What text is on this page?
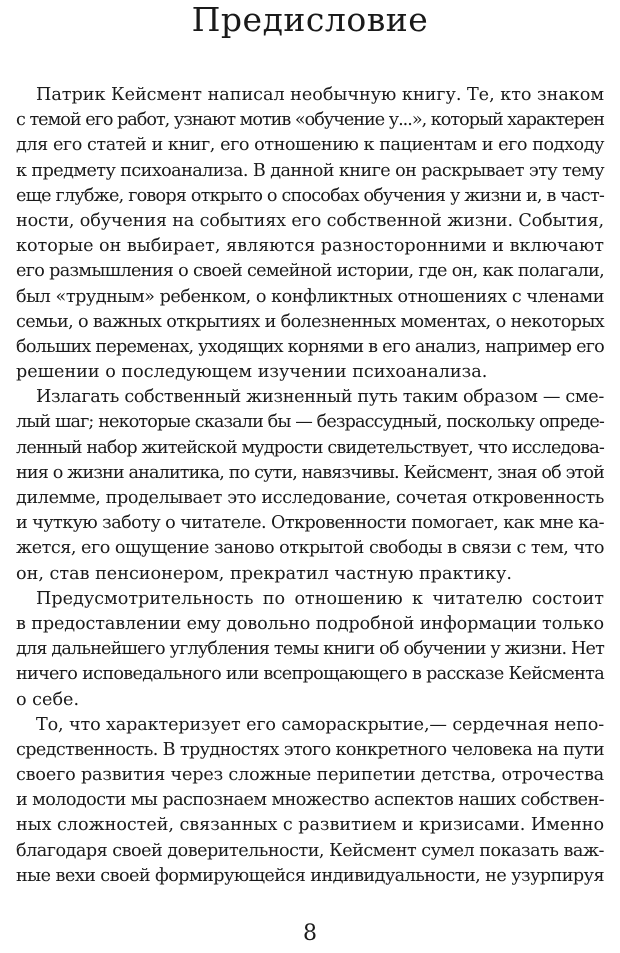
Предисловие
Патрик Кейсмент написал необычную книгу. Те, кто знаком
с темой его работ, узнают мотив «обучение у...», который характерен
для его статей и книг, его отношению к пациентам и его подходу
к предмету психоанализа. В данной книге он раскрывает эту тему
еще глубже, говоря открыто о способах обучения у жизни и, в част-
ности, обучения на событиях его собственной жизни. События,
которые он выбирает, являются разносторонними и включают
его размышления о своей семейной истории, где он, как полагали,
был «трудным» ребенком, о конфликтных отношениях с членами
семьи, о важных открытиях и болезненных моментах, о некоторых
больших переменах, уходящих корнями в его анализ, например его
решении о последующем изучении психоанализа.
Излагать собственный жизненный путь таким образом — сме-
лый шаг; некоторые сказали бы — безрассудный, поскольку опреде-
ленный набор житейской мудрости свидетельствует, что исследова-
ния о жизни аналитика, по сути, навязчивы. Кейсмент, зная об этой
дилемме, проделывает это исследование, сочетая откровенность
и чуткую заботу о читателе. Откровенности помогает, как мне ка-
жется, его ощущение заново открытой свободы в связи с тем, что
он, став пенсионером, прекратил частную практику.
Предусмотрительность по отношению к читателю состоит
в предоставлении ему довольно подробной информации только
для дальнейшего углубления темы книги об обучении у жизни. Нет
ничего исповедального или всепрощающего в рассказе Кейсмента
о себе.
То, что характеризует его самораскрытие,— сердечная непо-
средственность. В трудностях этого конкретного человека на пути
своего развития через сложные перипетии детства, отрочества
и молодости мы распознаем множество аспектов наших собствен-
ных сложностей, связанных с развитием и кризисами. Именно
благодаря своей доверительности, Кейсмент сумел показать важ-
ные вехи своей формирующейся индивидуальности, не узурпируя
8
